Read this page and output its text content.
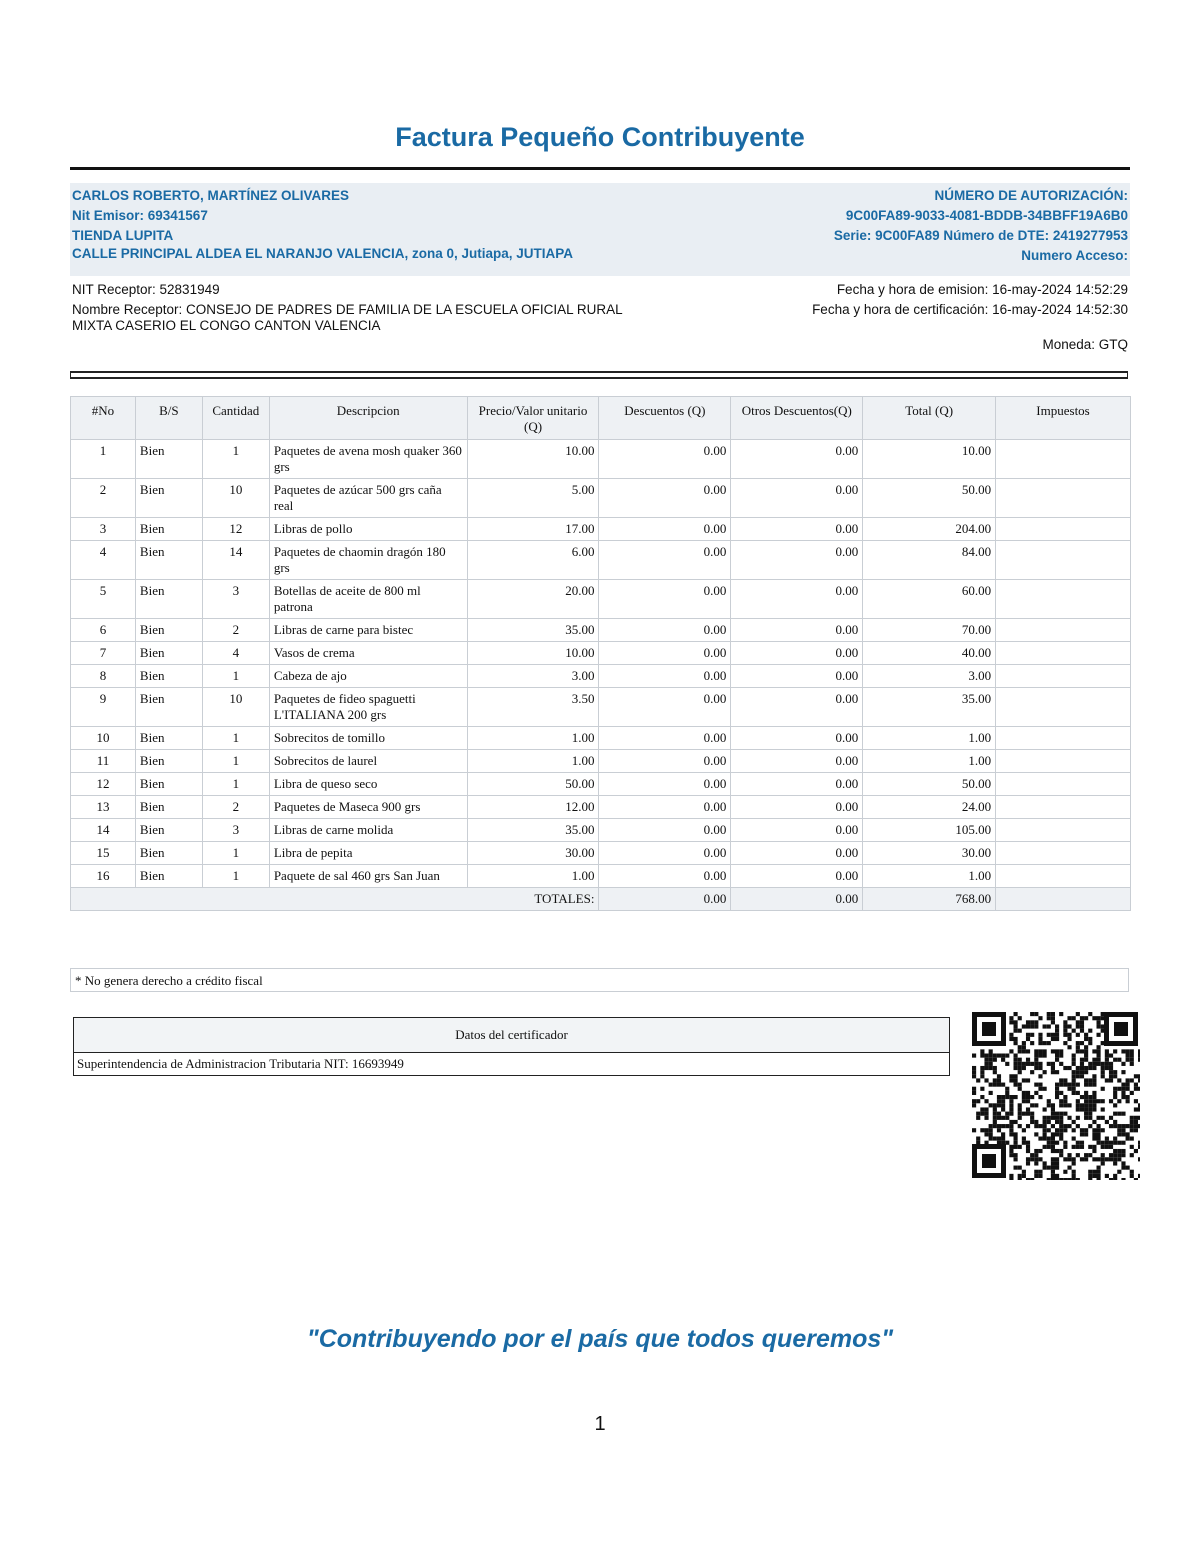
Factura Pequeño Contribuyente
CARLOS ROBERTO, MARTÍNEZ OLIVARES
Nit Emisor: 69341567
TIENDA LUPITA
CALLE PRINCIPAL ALDEA EL NARANJO VALENCIA, zona 0, Jutiapa, JUTIAPA
NÚMERO DE AUTORIZACIÓN:
9C00FA89-9033-4081-BDDB-34BBFF19A6B0
Serie: 9C00FA89 Número de DTE: 2419277953
Numero Acceso:
NIT Receptor: 52831949
Nombre Receptor: CONSEJO DE PADRES DE FAMILIA DE LA ESCUELA OFICIAL RURAL MIXTA CASERIO EL CONGO CANTON VALENCIA
Fecha y hora de emision: 16-may-2024 14:52:29
Fecha y hora de certificación: 16-may-2024 14:52:30
Moneda: GTQ
#No	B/S	Cantidad	Descripcion	Precio/Valor unitario (Q)	Descuentos (Q)	Otros Descuentos(Q)	Total (Q)	Impuestos
1	Bien	1	Paquetes de avena mosh quaker 360 grs	10.00	0.00	0.00	10.00	
2	Bien	10	Paquetes de azúcar 500 grs caña real	5.00	0.00	0.00	50.00	
3	Bien	12	Libras de pollo	17.00	0.00	0.00	204.00	
4	Bien	14	Paquetes de chaomin dragón 180 grs	6.00	0.00	0.00	84.00	
5	Bien	3	Botellas de aceite de 800 ml patrona	20.00	0.00	0.00	60.00	
6	Bien	2	Libras de carne para bistec	35.00	0.00	0.00	70.00	
7	Bien	4	Vasos de crema	10.00	0.00	0.00	40.00	
8	Bien	1	Cabeza de ajo	3.00	0.00	0.00	3.00	
9	Bien	10	Paquetes de fideo spaguetti L'ITALIANA 200 grs	3.50	0.00	0.00	35.00	
10	Bien	1	Sobrecitos de tomillo	1.00	0.00	0.00	1.00	
11	Bien	1	Sobrecitos de laurel	1.00	0.00	0.00	1.00	
12	Bien	1	Libra de queso seco	50.00	0.00	0.00	50.00	
13	Bien	2	Paquetes de Maseca 900 grs	12.00	0.00	0.00	24.00	
14	Bien	3	Libras de carne molida	35.00	0.00	0.00	105.00	
15	Bien	1	Libra de pepita	30.00	0.00	0.00	30.00	
16	Bien	1	Paquete de sal 460 grs San Juan	1.00	0.00	0.00	1.00	
TOTALES:					0.00	0.00	768.00	
* No genera derecho a crédito fiscal
Datos del certificador
Superintendencia de Administracion Tributaria NIT: 16693949
"Contribuyendo por el país que todos queremos"
1
